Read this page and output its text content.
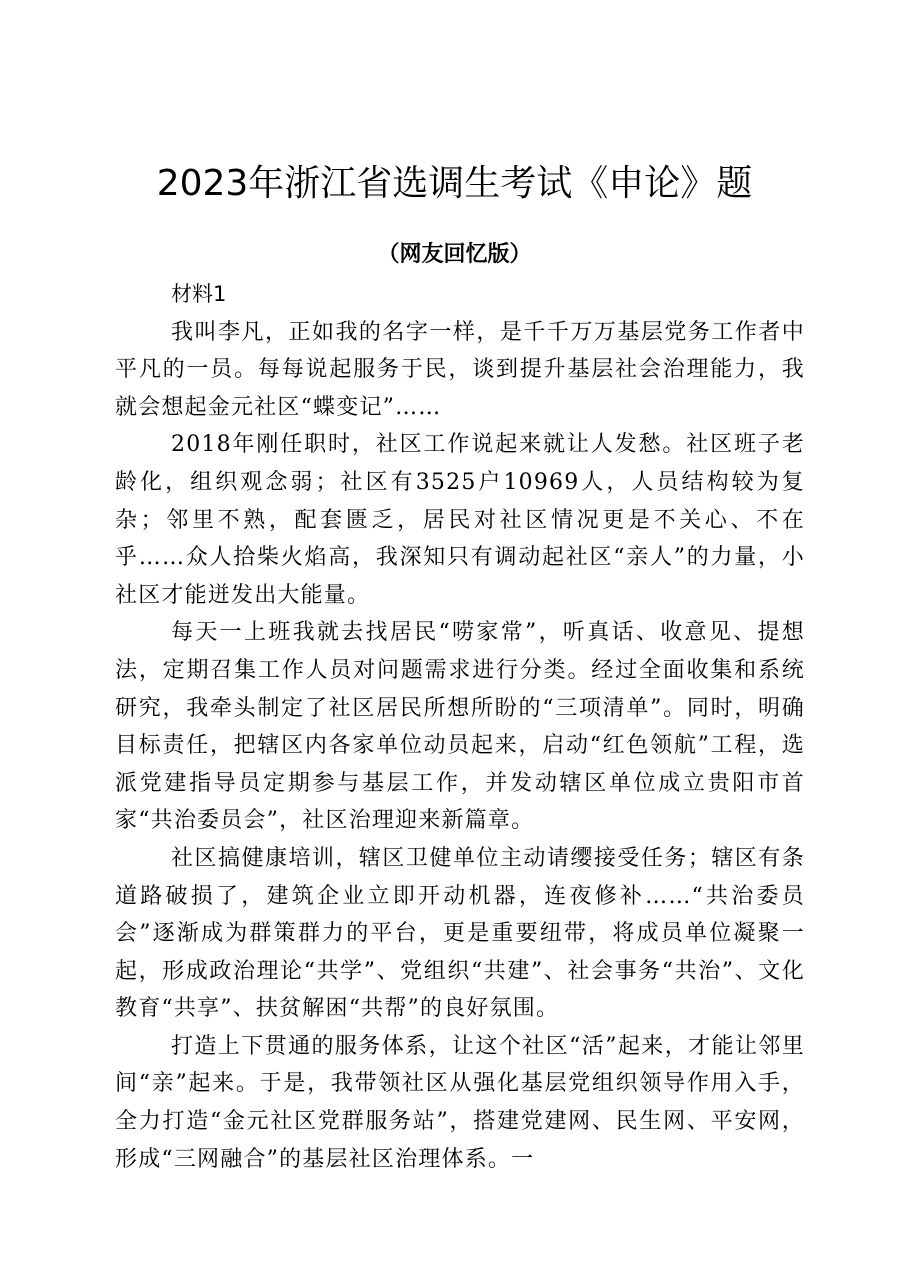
2023年浙江省选调生考试《申论》题
（网友回忆版）

材料1

我叫李凡，正如我的名字一样，是千千万万基层党务工作者中平凡的一员。每每说起服务于民，谈到提升基层社会治理能力，我就会想起金元社区“蝶变记”……

2018年刚任职时，社区工作说起来就让人发愁。社区班子老龄化，组织观念弱；社区有3525户10969人，人员结构较为复杂；邻里不熟，配套匮乏，居民对社区情况更是不关心、不在乎……众人拾柴火焰高，我深知只有调动起社区“亲人”的力量，小社区才能迸发出大能量。

每天一上班我就去找居民“唠家常”，听真话、收意见、提想法，定期召集工作人员对问题需求进行分类。经过全面收集和系统研究，我牵头制定了社区居民所想所盼的“三项清单”。同时，明确目标责任，把辖区内各家单位动员起来，启动“红色领航”工程，选派党建指导员定期参与基层工作，并发动辖区单位成立贵阳市首家“共治委员会”，社区治理迎来新篇章。

社区搞健康培训，辖区卫健单位主动请缨接受任务；辖区有条道路破损了，建筑企业立即开动机器，连夜修补……“共治委员会”逐渐成为群策群力的平台，更是重要纽带，将成员单位凝聚一起，形成政治理论“共学”、党组织“共建”、社会事务“共治”、文化教育“共享”、扶贫解困“共帮”的良好氛围。

打造上下贯通的服务体系，让这个社区“活”起来，才能让邻里间“亲”起来。于是，我带领社区从强化基层党组织领导作用入手，全力打造“金元社区党群服务站”，搭建党建网、民生网、平安网，形成“三网融合”的基层社区治理体系。一
